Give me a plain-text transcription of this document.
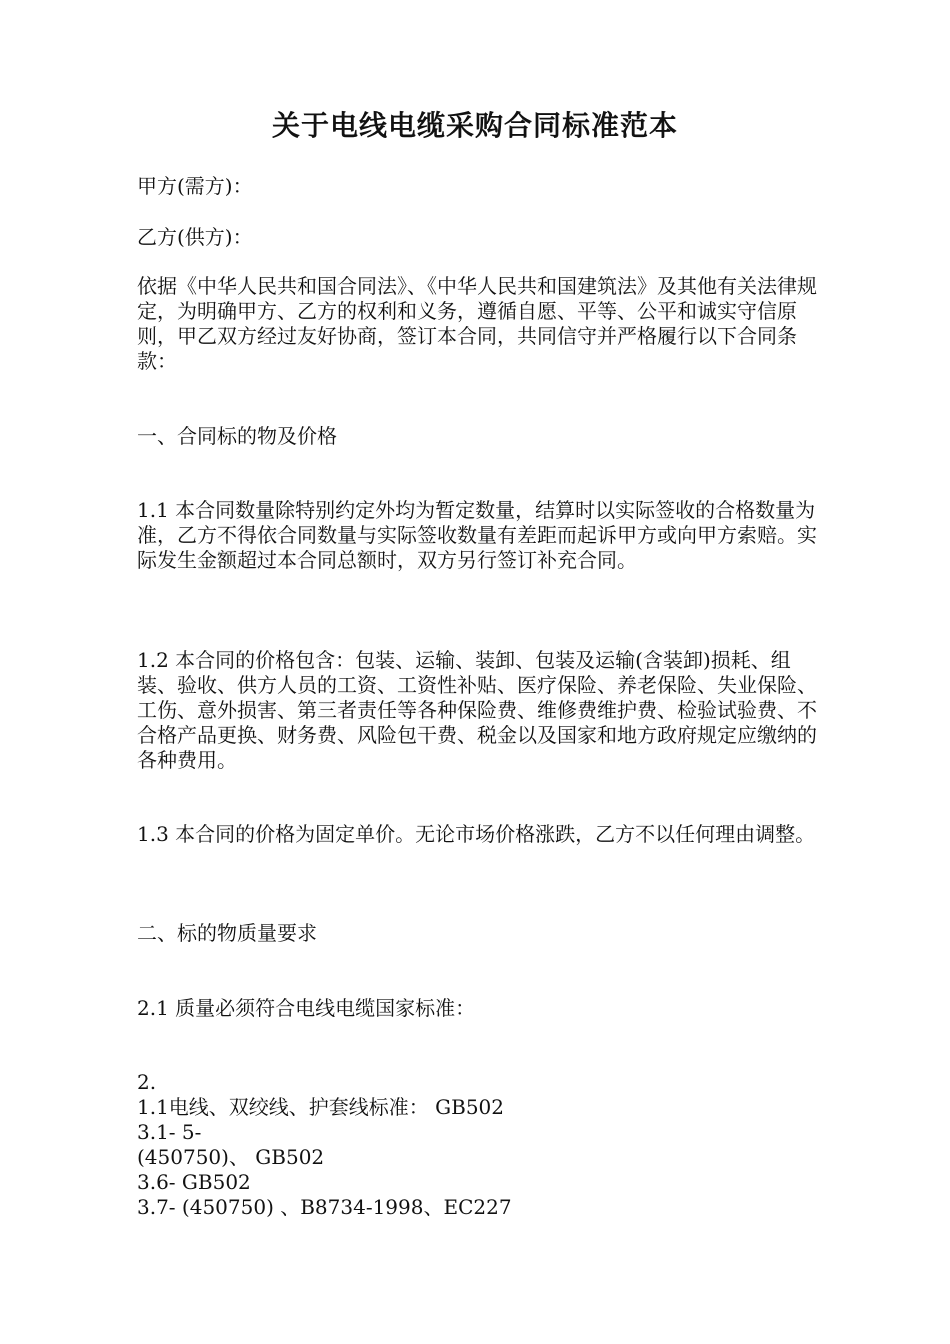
关于电线电缆采购合同标准范本

甲方(需方)：

乙方(供方)：

依据《中华人民共和国合同法》、《中华人民共和国建筑法》及其他有关法律规定，为明确甲方、乙方的权利和义务，遵循自愿、平等、公平和诚实守信原则，甲乙双方经过友好协商，签订本合同，共同信守并严格履行以下合同条款：

一、合同标的物及价格

1.1 本合同数量除特别约定外均为暂定数量，结算时以实际签收的合格数量为准，乙方不得依合同数量与实际签收数量有差距而起诉甲方或向甲方索赔。实际发生金额超过本合同总额时，双方另行签订补充合同。

1.2 本合同的价格包含：包装、运输、装卸、包装及运输(含装卸)损耗、组装、验收、供方人员的工资、工资性补贴、医疗保险、养老保险、失业保险、工伤、意外损害、第三者责任等各种保险费、维修费维护费、检验试验费、不合格产品更换、财务费、风险包干费、税金以及国家和地方政府规定应缴纳的各种费用。

1.3 本合同的价格为固定单价。无论市场价格涨跌，乙方不以任何理由调整。

二、标的物质量要求

2.1 质量必须符合电线电缆国家标准：

2.
1.1电线、双绞线、护套线标准： GB502
3.1- 5-
(450750)、 GB502
3.6- GB502
3.7- (450750) 、B8734-1998、EC227
